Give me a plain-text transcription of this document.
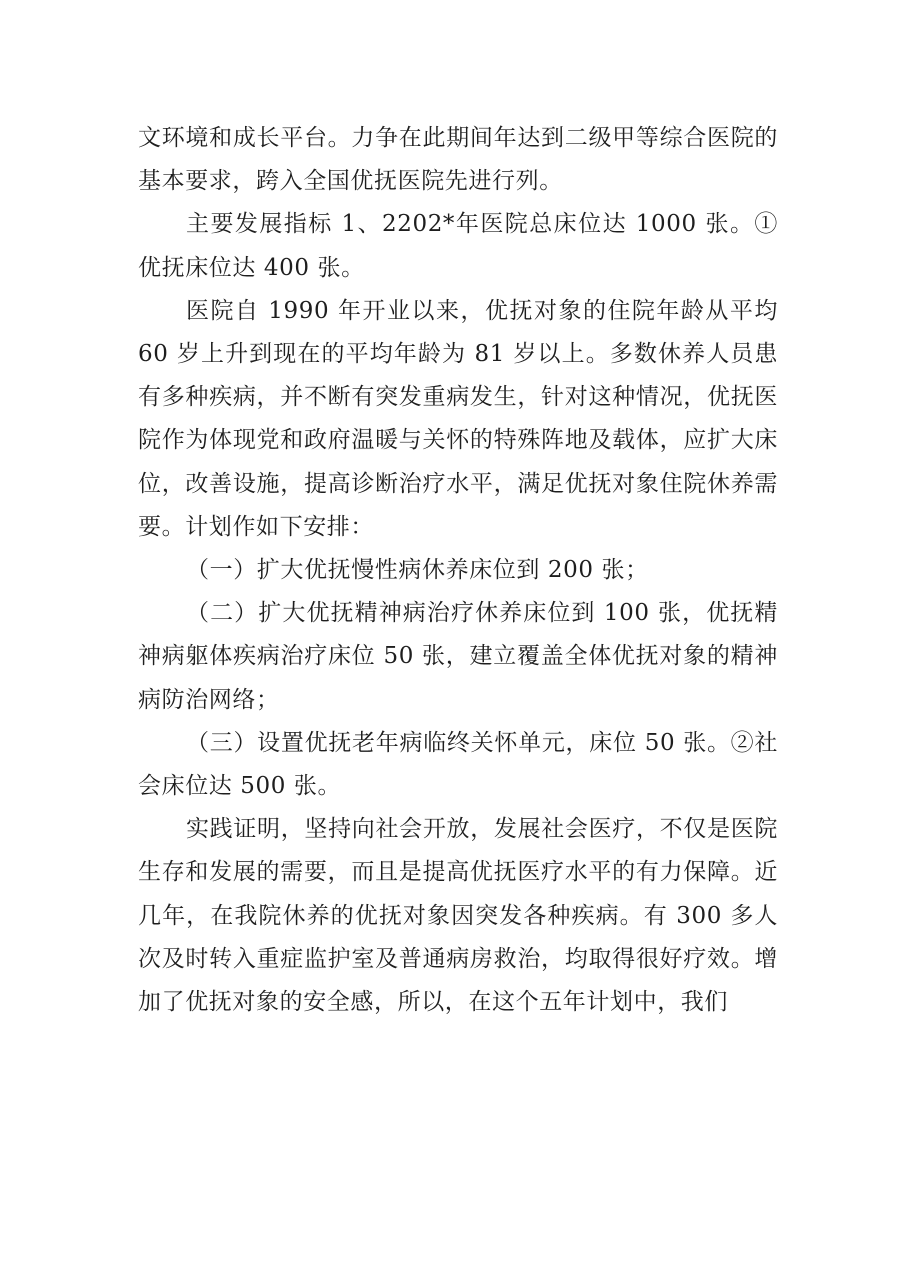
文环境和成长平台。力争在此期间年达到二级甲等综合医院的基本要求，跨入全国优抚医院先进行列。

主要发展指标 1、2202*年医院总床位达 1000 张。①优抚床位达 400 张。

医院自 1990 年开业以来，优抚对象的住院年龄从平均 60 岁上升到现在的平均年龄为 81 岁以上。多数休养人员患有多种疾病，并不断有突发重病发生，针对这种情况，优抚医院作为体现党和政府温暖与关怀的特殊阵地及载体，应扩大床位，改善设施，提高诊断治疗水平，满足优抚对象住院休养需要。计划作如下安排：

（一）扩大优抚慢性病休养床位到 200 张；

（二）扩大优抚精神病治疗休养床位到 100 张，优抚精神病躯体疾病治疗床位 50 张，建立覆盖全体优抚对象的精神病防治网络；

（三）设置优抚老年病临终关怀单元，床位 50 张。②社会床位达 500 张。

实践证明，坚持向社会开放，发展社会医疗，不仅是医院生存和发展的需要，而且是提高优抚医疗水平的有力保障。近几年，在我院休养的优抚对象因突发各种疾病。有 300 多人次及时转入重症监护室及普通病房救治，均取得很好疗效。增加了优抚对象的安全感，所以，在这个五年计划中，我们
